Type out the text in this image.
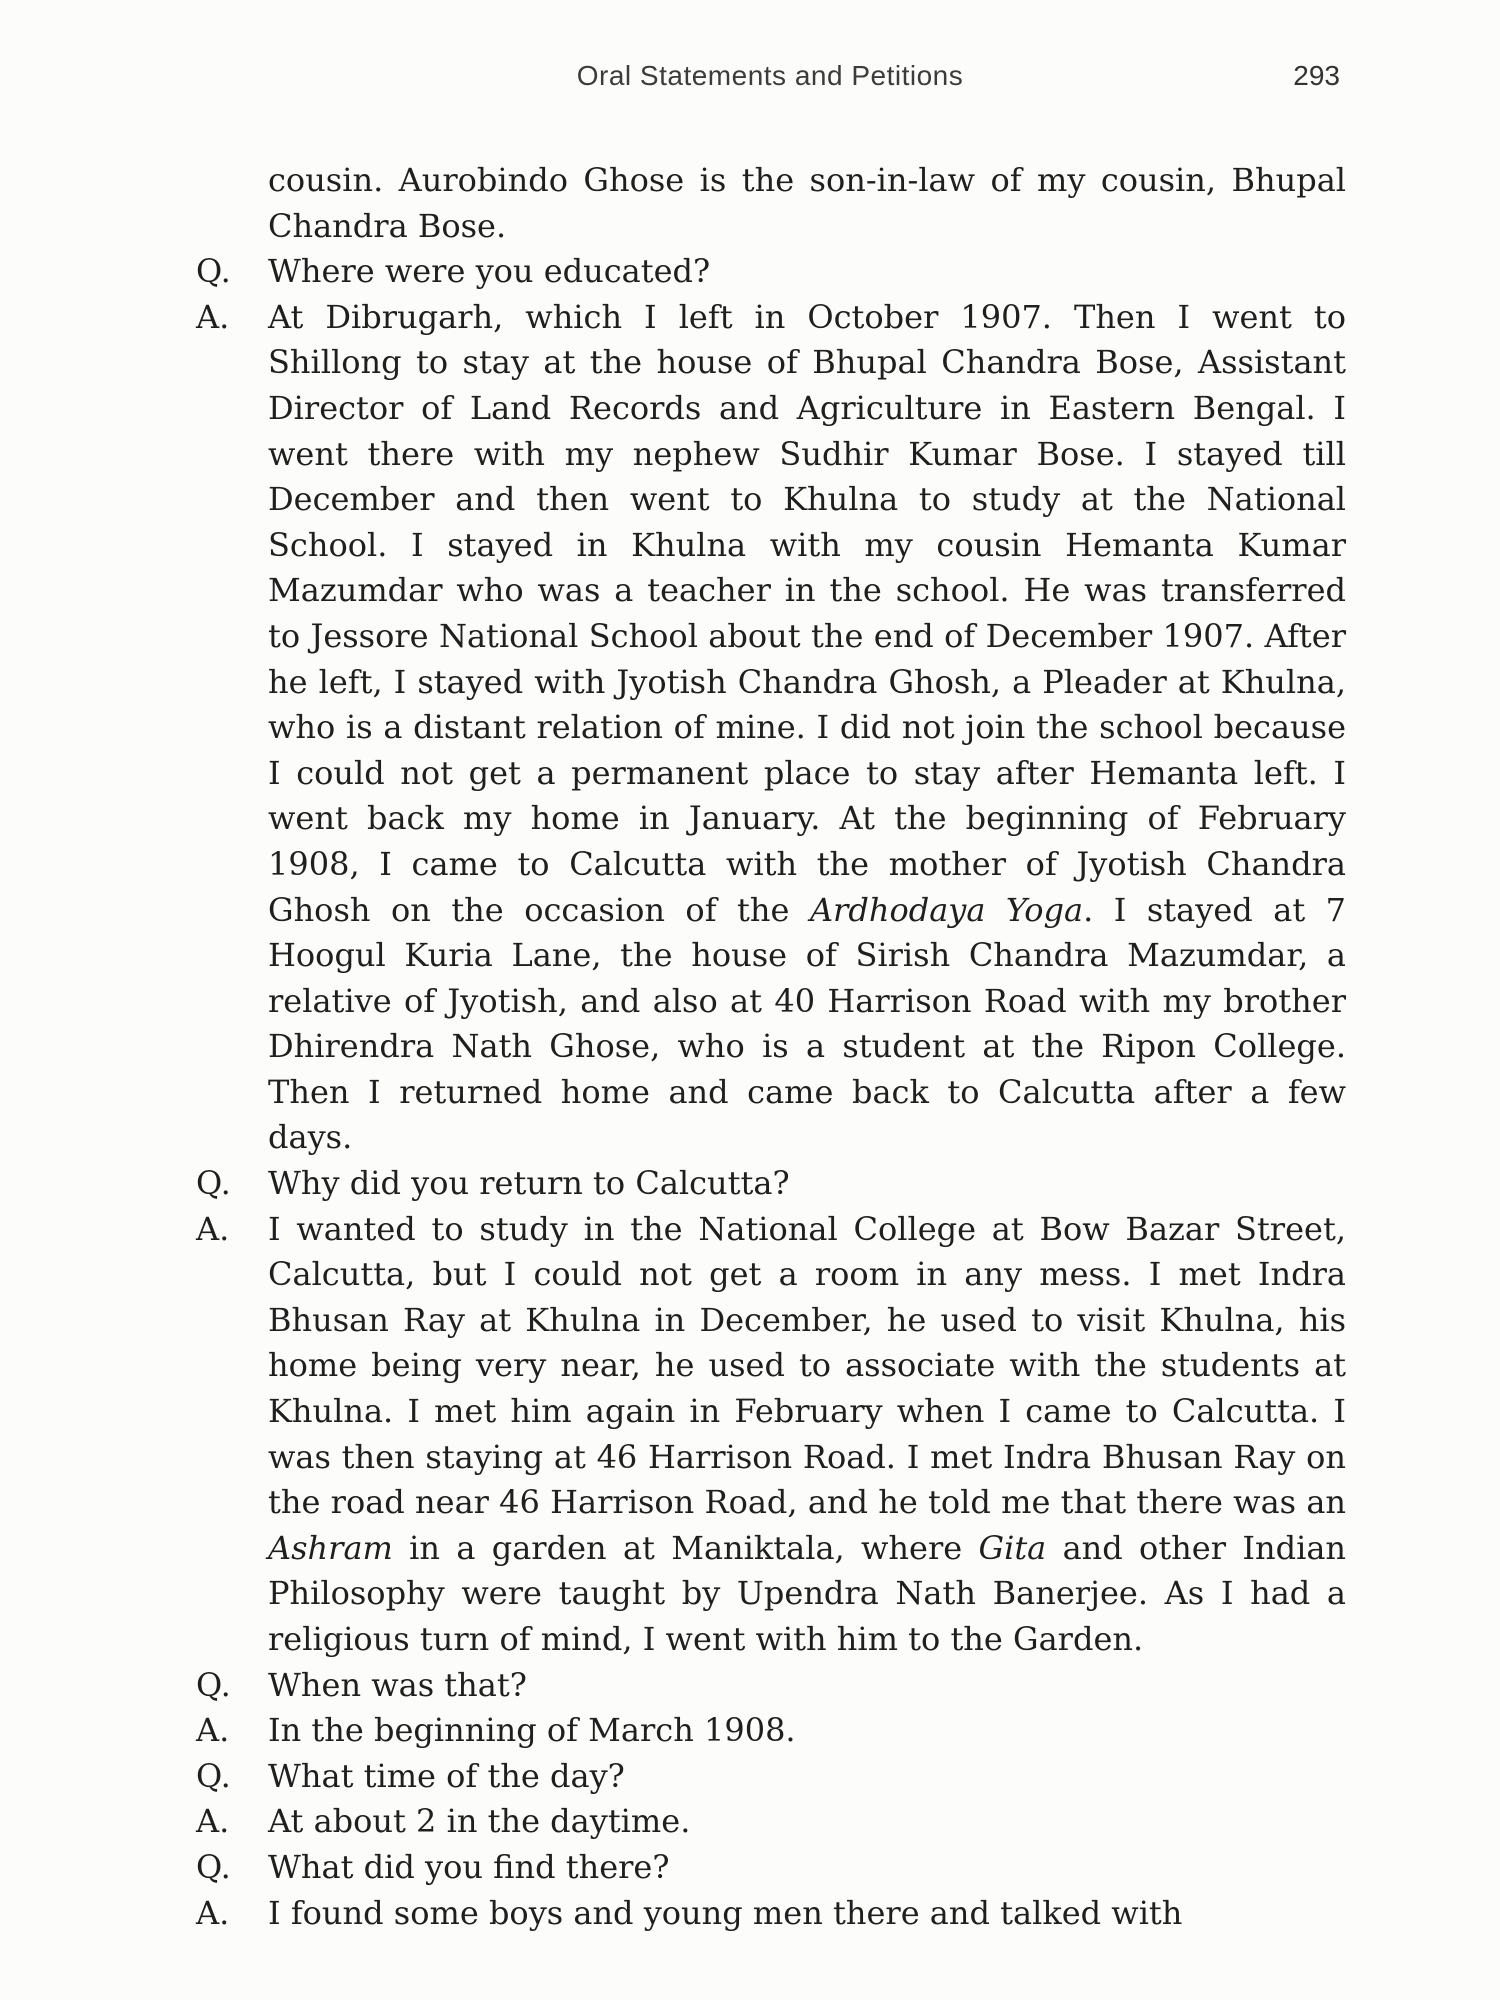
Oral Statements and Petitions	293
cousin. Aurobindo Ghose is the son-in-law of my cousin, Bhupal Chandra Bose.
Q.	Where were you educated?
A.	At Dibrugarh, which I left in October 1907. Then I went to Shillong to stay at the house of Bhupal Chandra Bose, Assistant Director of Land Records and Agriculture in Eastern Bengal. I went there with my nephew Sudhir Kumar Bose. I stayed till December and then went to Khulna to study at the National School. I stayed in Khulna with my cousin Hemanta Kumar Mazumdar who was a teacher in the school. He was transferred to Jessore National School about the end of December 1907. After he left, I stayed with Jyotish Chandra Ghosh, a Pleader at Khulna, who is a distant relation of mine. I did not join the school because I could not get a permanent place to stay after Hemanta left. I went back my home in January. At the beginning of February 1908, I came to Calcutta with the mother of Jyotish Chandra Ghosh on the occasion of the Ardhodaya Yoga. I stayed at 7 Hoogul Kuria Lane, the house of Sirish Chandra Mazumdar, a relative of Jyotish, and also at 40 Harrison Road with my brother Dhirendra Nath Ghose, who is a student at the Ripon College. Then I returned home and came back to Calcutta after a few days.
Q.	Why did you return to Calcutta?
A.	I wanted to study in the National College at Bow Bazar Street, Calcutta, but I could not get a room in any mess. I met Indra Bhusan Ray at Khulna in December, he used to visit Khulna, his home being very near, he used to associate with the students at Khulna. I met him again in February when I came to Calcutta. I was then staying at 46 Harrison Road. I met Indra Bhusan Ray on the road near 46 Harrison Road, and he told me that there was an Ashram in a garden at Maniktala, where Gita and other Indian Philosophy were taught by Upendra Nath Banerjee. As I had a religious turn of mind, I went with him to the Garden.
Q.	When was that?
A.	In the beginning of March 1908.
Q.	What time of the day?
A.	At about 2 in the daytime.
Q.	What did you find there?
A.	I found some boys and young men there and talked with
